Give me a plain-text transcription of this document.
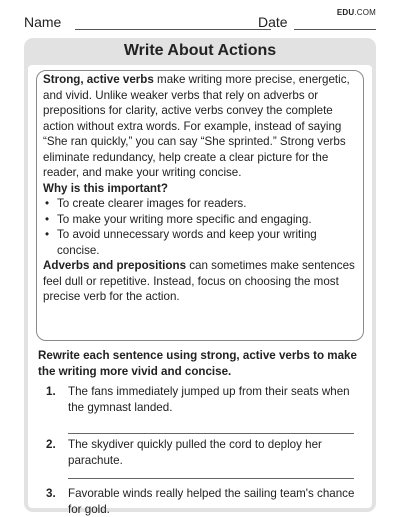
Name	Date
EDU.COM
Write About Actions

Strong, active verbs make writing more precise, energetic, and vivid. Unlike weaker verbs that rely on adverbs or prepositions for clarity, active verbs convey the complete action without extra words. For example, instead of saying “She ran quickly,” you can say “She sprinted.” Strong verbs eliminate redundancy, help create a clear picture for the reader, and make your writing concise.

Why is this important?

• To create clearer images for readers.
• To make your writing more specific and engaging.
• To avoid unnecessary words and keep your writing concise.

Adverbs and prepositions can sometimes make sentences feel dull or repetitive. Instead, focus on choosing the most precise verb for the action.

Rewrite each sentence using strong, active verbs to make the writing more vivid and concise.
1. The fans immediately jumped up from their seats when the gymnast landed.
2. The skydiver quickly pulled the cord to deploy her parachute.
3. Favorable winds really helped the sailing team's chance for gold.
